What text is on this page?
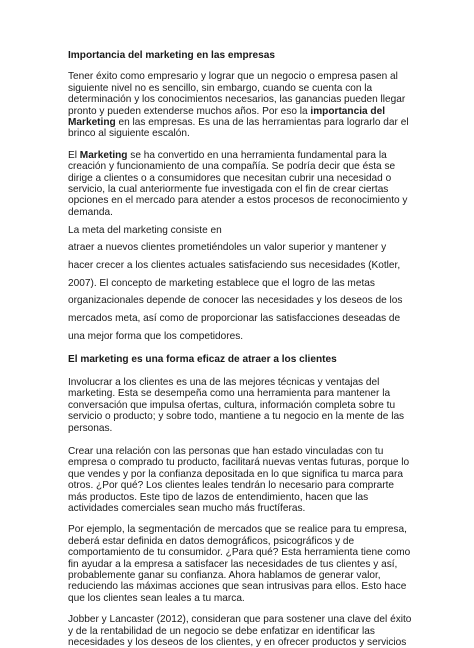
Importancia del marketing en las empresas

Tener éxito como empresario y lograr que un negocio o empresa pasen al siguiente nivel no es sencillo, sin embargo, cuando se cuenta con la determinación y los conocimientos necesarios, las ganancias pueden llegar pronto y pueden extenderse muchos años. Por eso la importancia del Marketing en las empresas. Es una de las herramientas para lograrlo dar el brinco al siguiente escalón.

El Marketing se ha convertido en una herramienta fundamental para la creación y funcionamiento de una compañía. Se podría decir que ésta se dirige a clientes o a consumidores que necesitan cubrir una necesidad o servicio, la cual anteriormente fue investigada con el fin de crear ciertas opciones en el mercado para atender a estos procesos de reconocimiento y demanda.

La meta del marketing consiste en

atraer a nuevos clientes prometiéndoles un valor superior y mantener y hacer crecer a los clientes actuales satisfaciendo sus necesidades (Kotler, 2007). El concepto de marketing establece que el logro de las metas organizacionales depende de conocer las necesidades y los deseos de los mercados meta, así como de proporcionar las satisfacciones deseadas de una mejor forma que los competidores.

El marketing es una forma eficaz de atraer a los clientes

Involucrar a los clientes es una de las mejores técnicas y ventajas del marketing. Esta se desempeña como una herramienta para mantener la conversación que impulsa ofertas, cultura, información completa sobre tu servicio o producto; y sobre todo, mantiene a tu negocio en la mente de las personas.

Crear una relación con las personas que han estado vinculadas con tu empresa o comprado tu producto, facilitará nuevas ventas futuras, porque lo que vendes y por la confianza depositada en lo que significa tu marca para otros. ¿Por qué? Los clientes leales tendrán lo necesario para comprarte más productos. Este tipo de lazos de entendimiento, hacen que las actividades comerciales sean mucho más fructíferas.

Por ejemplo, la segmentación de mercados que se realice para tu empresa, deberá estar definida en datos demográficos, psicográficos y de comportamiento de tu consumidor. ¿Para qué? Esta herramienta tiene como fin ayudar a la empresa a satisfacer las necesidades de tus clientes y así, probablemente ganar su confianza. Ahora hablamos de generar valor, reduciendo las máximas acciones que sean intrusivas para ellos. Esto hace que los clientes sean leales a tu marca.

Jobber y Lancaster (2012), consideran que para sostener una clave del éxito y de la rentabilidad de un negocio se debe enfatizar en identificar las necesidades y los deseos de los clientes, y en ofrecer productos y servicios
